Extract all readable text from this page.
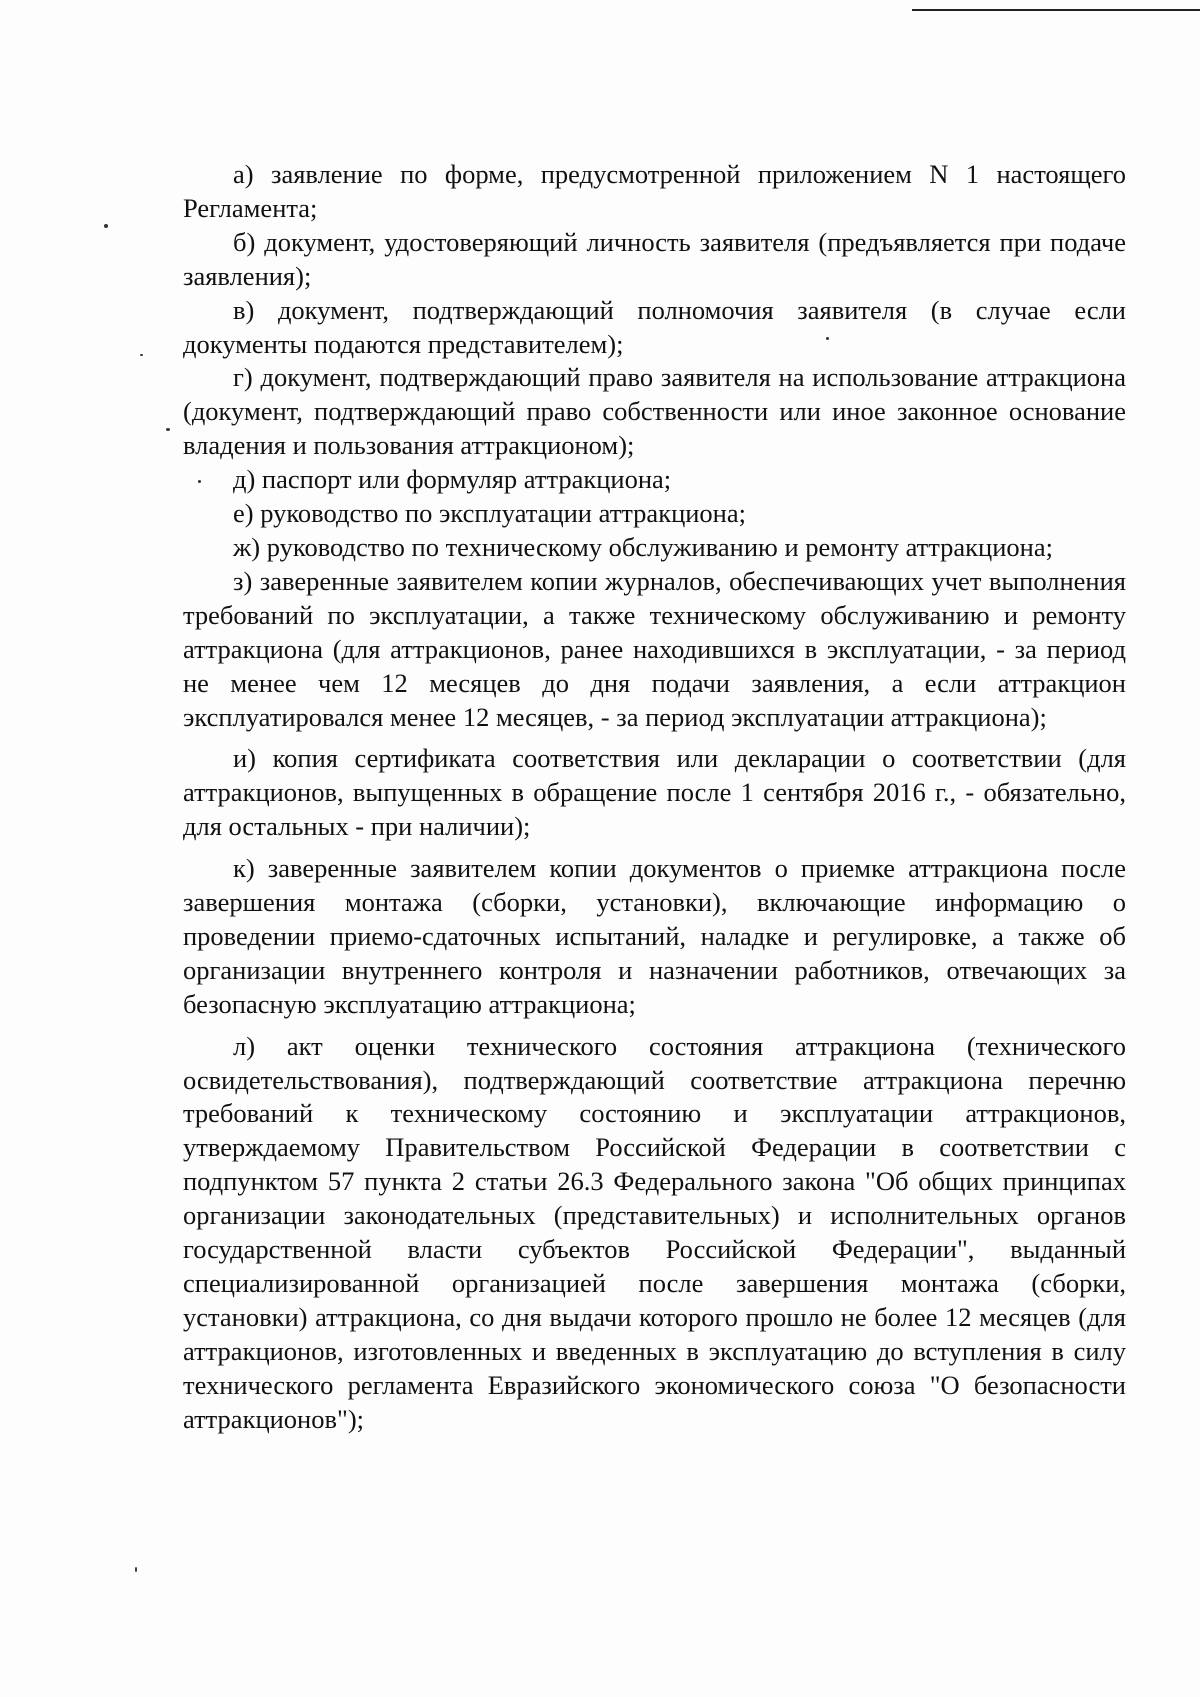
а) заявление по форме, предусмотренной приложением N 1 настоящего Регламента;

б) документ, удостоверяющий личность заявителя (предъявляется при подаче заявления);

в) документ, подтверждающий полномочия заявителя (в случае если документы подаются представителем);

г) документ, подтверждающий право заявителя на использование аттракциона (документ, подтверждающий право собственности или иное законное основание владения и пользования аттракционом);

д) паспорт или формуляр аттракциона;

е) руководство по эксплуатации аттракциона;

ж) руководство по техническому обслуживанию и ремонту аттракциона;

з) заверенные заявителем копии журналов, обеспечивающих учет выполнения требований по эксплуатации, а также техническому обслуживанию и ремонту аттракциона (для аттракционов, ранее находившихся в эксплуатации, - за период не менее чем 12 месяцев до дня подачи заявления, а если аттракцион эксплуатировался менее 12 месяцев, - за период эксплуатации аттракциона);

и) копия сертификата соответствия или декларации о соответствии (для аттракционов, выпущенных в обращение после 1 сентября 2016 г., - обязательно, для остальных - при наличии);

к) заверенные заявителем копии документов о приемке аттракциона после завершения монтажа (сборки, установки), включающие информацию о проведении приемо-сдаточных испытаний, наладке и регулировке, а также об организации внутреннего контроля и назначении работников, отвечающих за безопасную эксплуатацию аттракциона;

л) акт оценки технического состояния аттракциона (технического освидетельствования), подтверждающий соответствие аттракциона перечню требований к техническому состоянию и эксплуатации аттракционов, утверждаемому Правительством Российской Федерации в соответствии с подпунктом 57 пункта 2 статьи 26.3 Федерального закона "Об общих принципах организации законодательных (представительных) и исполнительных органов государственной власти субъектов Российской Федерации", выданный специализированной организацией после завершения монтажа (сборки, установки) аттракциона, со дня выдачи которого прошло не более 12 месяцев (для аттракционов, изготовленных и введенных в эксплуатацию до вступления в силу технического регламента Евразийского экономического союза "О безопасности аттракционов");
